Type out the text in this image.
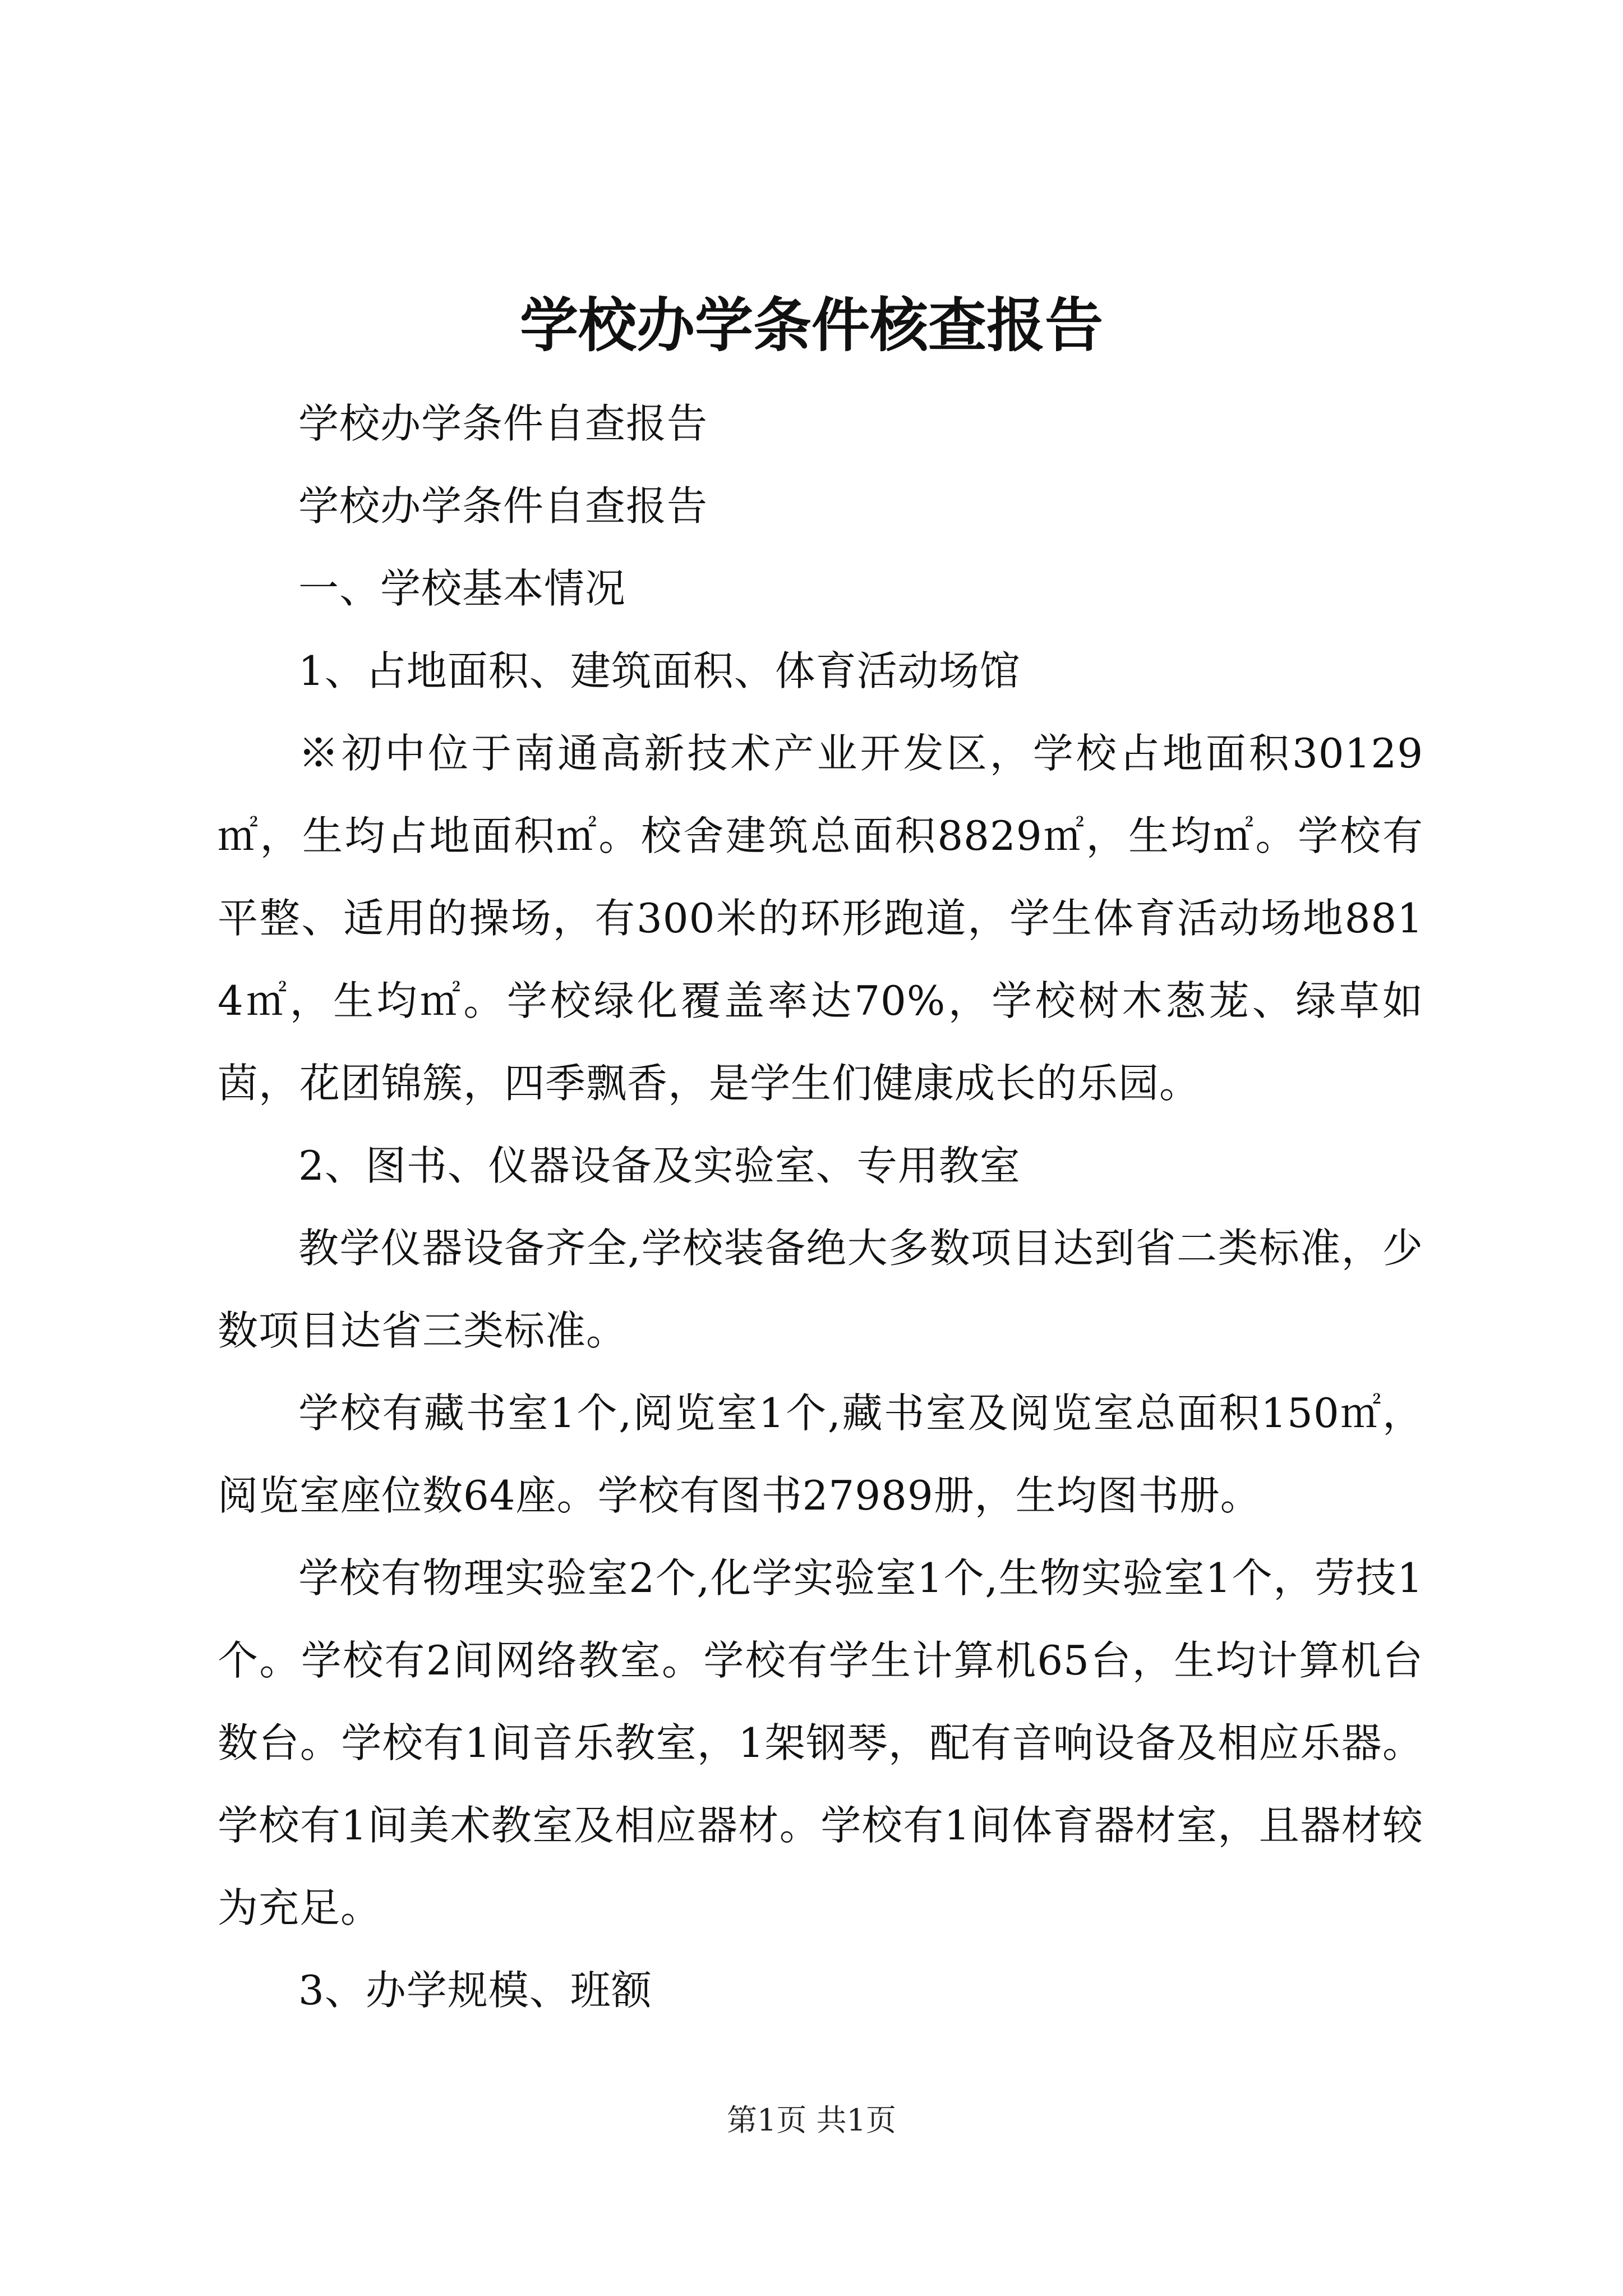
学校办学条件核查报告

学校办学条件自查报告

学校办学条件自查报告

一、学校基本情况

1、占地面积、建筑面积、体育活动场馆

※初中位于南通高新技术产业开发区，学校占地面积30129㎡，生均占地面积㎡。校舍建筑总面积8829㎡，生均㎡。学校有平整、适用的操场，有300米的环形跑道，学生体育活动场地8814㎡，生均㎡。学校绿化覆盖率达70%，学校树木葱茏、绿草如茵，花团锦簇，四季飘香，是学生们健康成长的乐园。

2、图书、仪器设备及实验室、专用教室

教学仪器设备齐全,学校装备绝大多数项目达到省二类标准，少数项目达省三类标准。

学校有藏书室1个,阅览室1个,藏书室及阅览室总面积150㎡，阅览室座位数64座。学校有图书27989册，生均图书册。

学校有物理实验室2个,化学实验室1个,生物实验室1个，劳技1个。学校有2间网络教室。学校有学生计算机65台，生均计算机台数台。学校有1间音乐教室，1架钢琴，配有音响设备及相应乐器。学校有1间美术教室及相应器材。学校有1间体育器材室，且器材较为充足。

3、办学规模、班额

第1页 共1页
